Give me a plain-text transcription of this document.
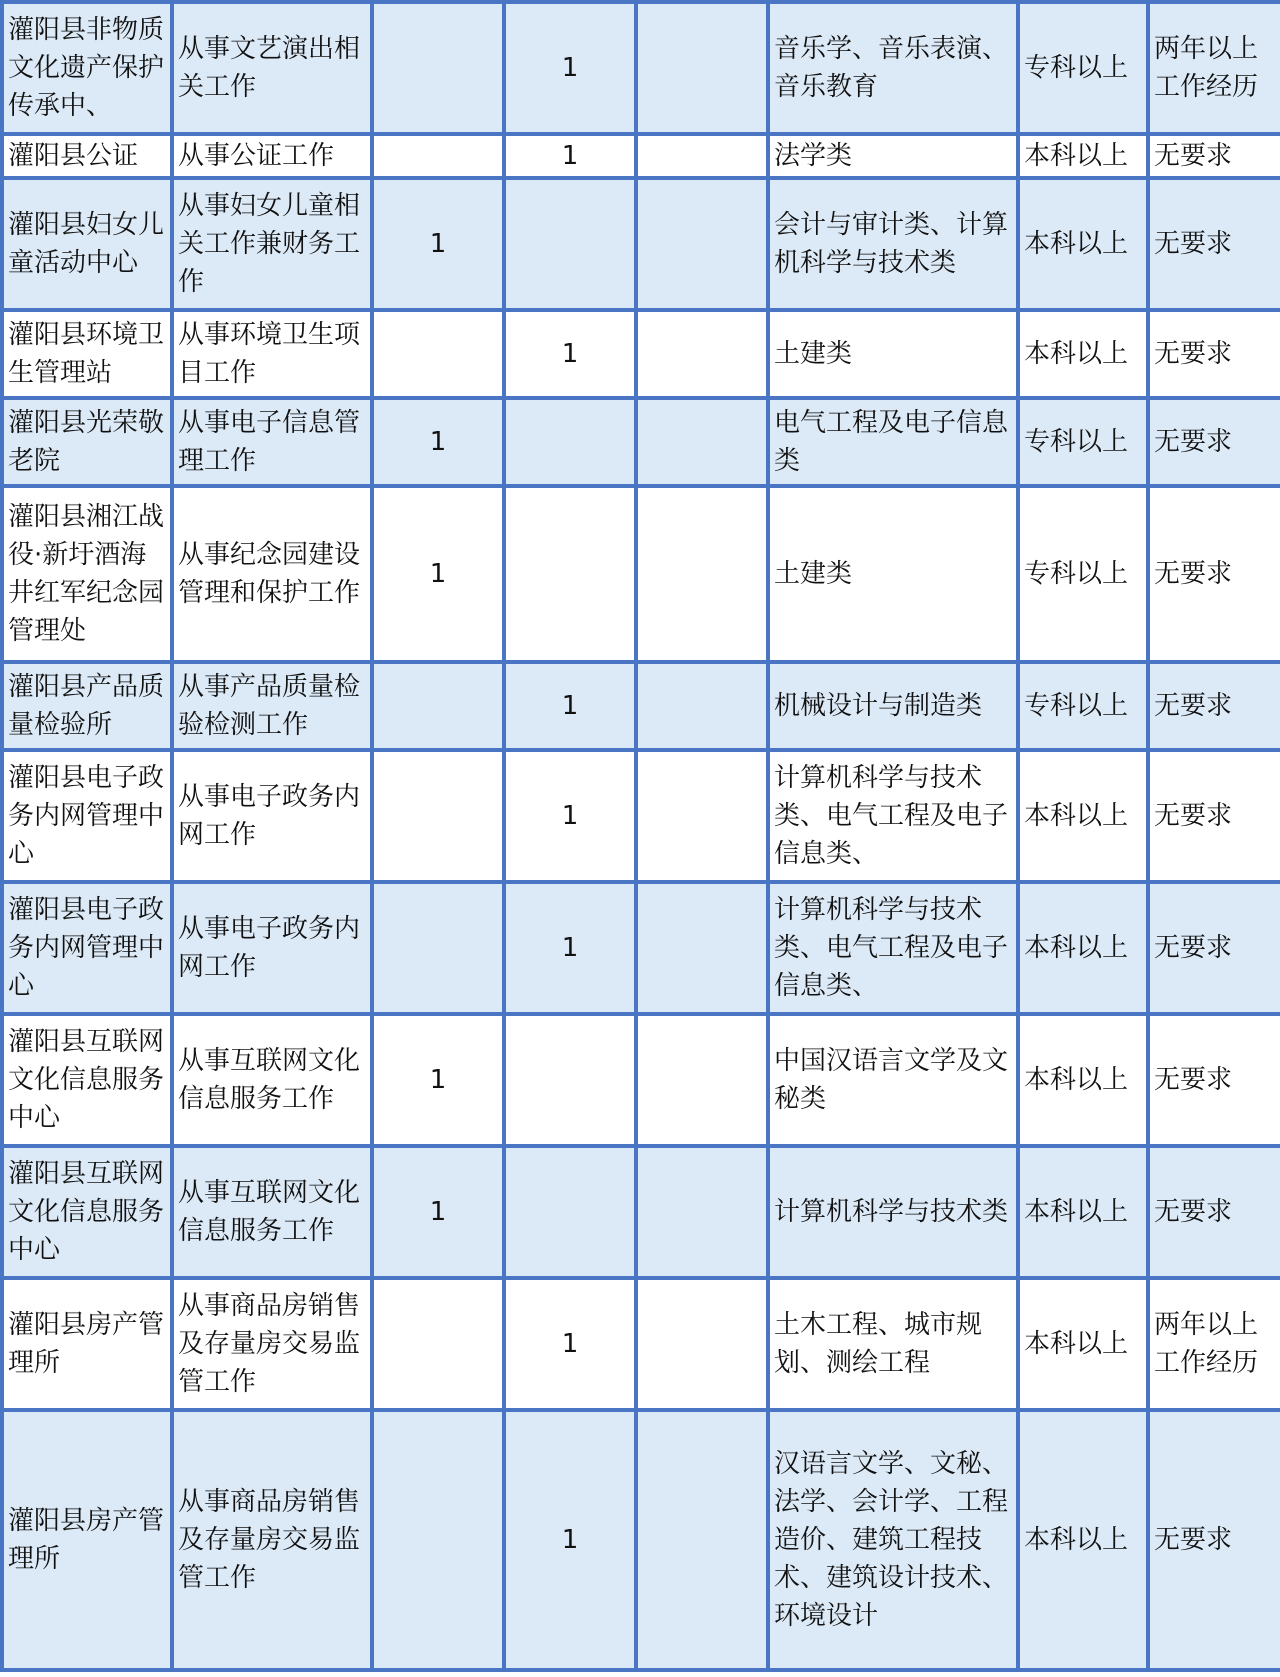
灌阳县非物质文化遗产保护传承中、	从事文艺演出相关工作		1		音乐学、音乐表演、音乐教育	专科以上	两年以上工作经历

灌阳县公证	从事公证工作		1		法学类	本科以上	无要求

灌阳县妇女儿童活动中心	从事妇女儿童相关工作兼财务工作	1			会计与审计类、计算机科学与技术类	本科以上	无要求

灌阳县环境卫生管理站	从事环境卫生项目工作		1		土建类	本科以上	无要求

灌阳县光荣敬老院	从事电子信息管理工作	1			电气工程及电子信息类	专科以上	无要求

灌阳县湘江战役·新圩酒海井红军纪念园管理处	从事纪念园建设管理和保护工作	1			土建类	专科以上	无要求

灌阳县产品质量检验所	从事产品质量检验检测工作		1		机械设计与制造类	专科以上	无要求

灌阳县电子政务内网管理中心	从事电子政务内网工作		1		计算机科学与技术类、电气工程及电子信息类、	本科以上	无要求

灌阳县电子政务内网管理中心	从事电子政务内网工作		1		计算机科学与技术类、电气工程及电子信息类、	本科以上	无要求

灌阳县互联网文化信息服务中心	从事互联网文化信息服务工作	1			中国汉语言文学及文秘类	本科以上	无要求

灌阳县互联网文化信息服务中心	从事互联网文化信息服务工作	1			计算机科学与技术类	本科以上	无要求

灌阳县房产管理所	从事商品房销售及存量房交易监管工作		1		土木工程、城市规划、测绘工程	本科以上	两年以上工作经历

灌阳县房产管理所	从事商品房销售及存量房交易监管工作		1		汉语言文学、文秘、法学、会计学、工程造价、建筑工程技术、建筑设计技术、环境设计	本科以上	无要求
